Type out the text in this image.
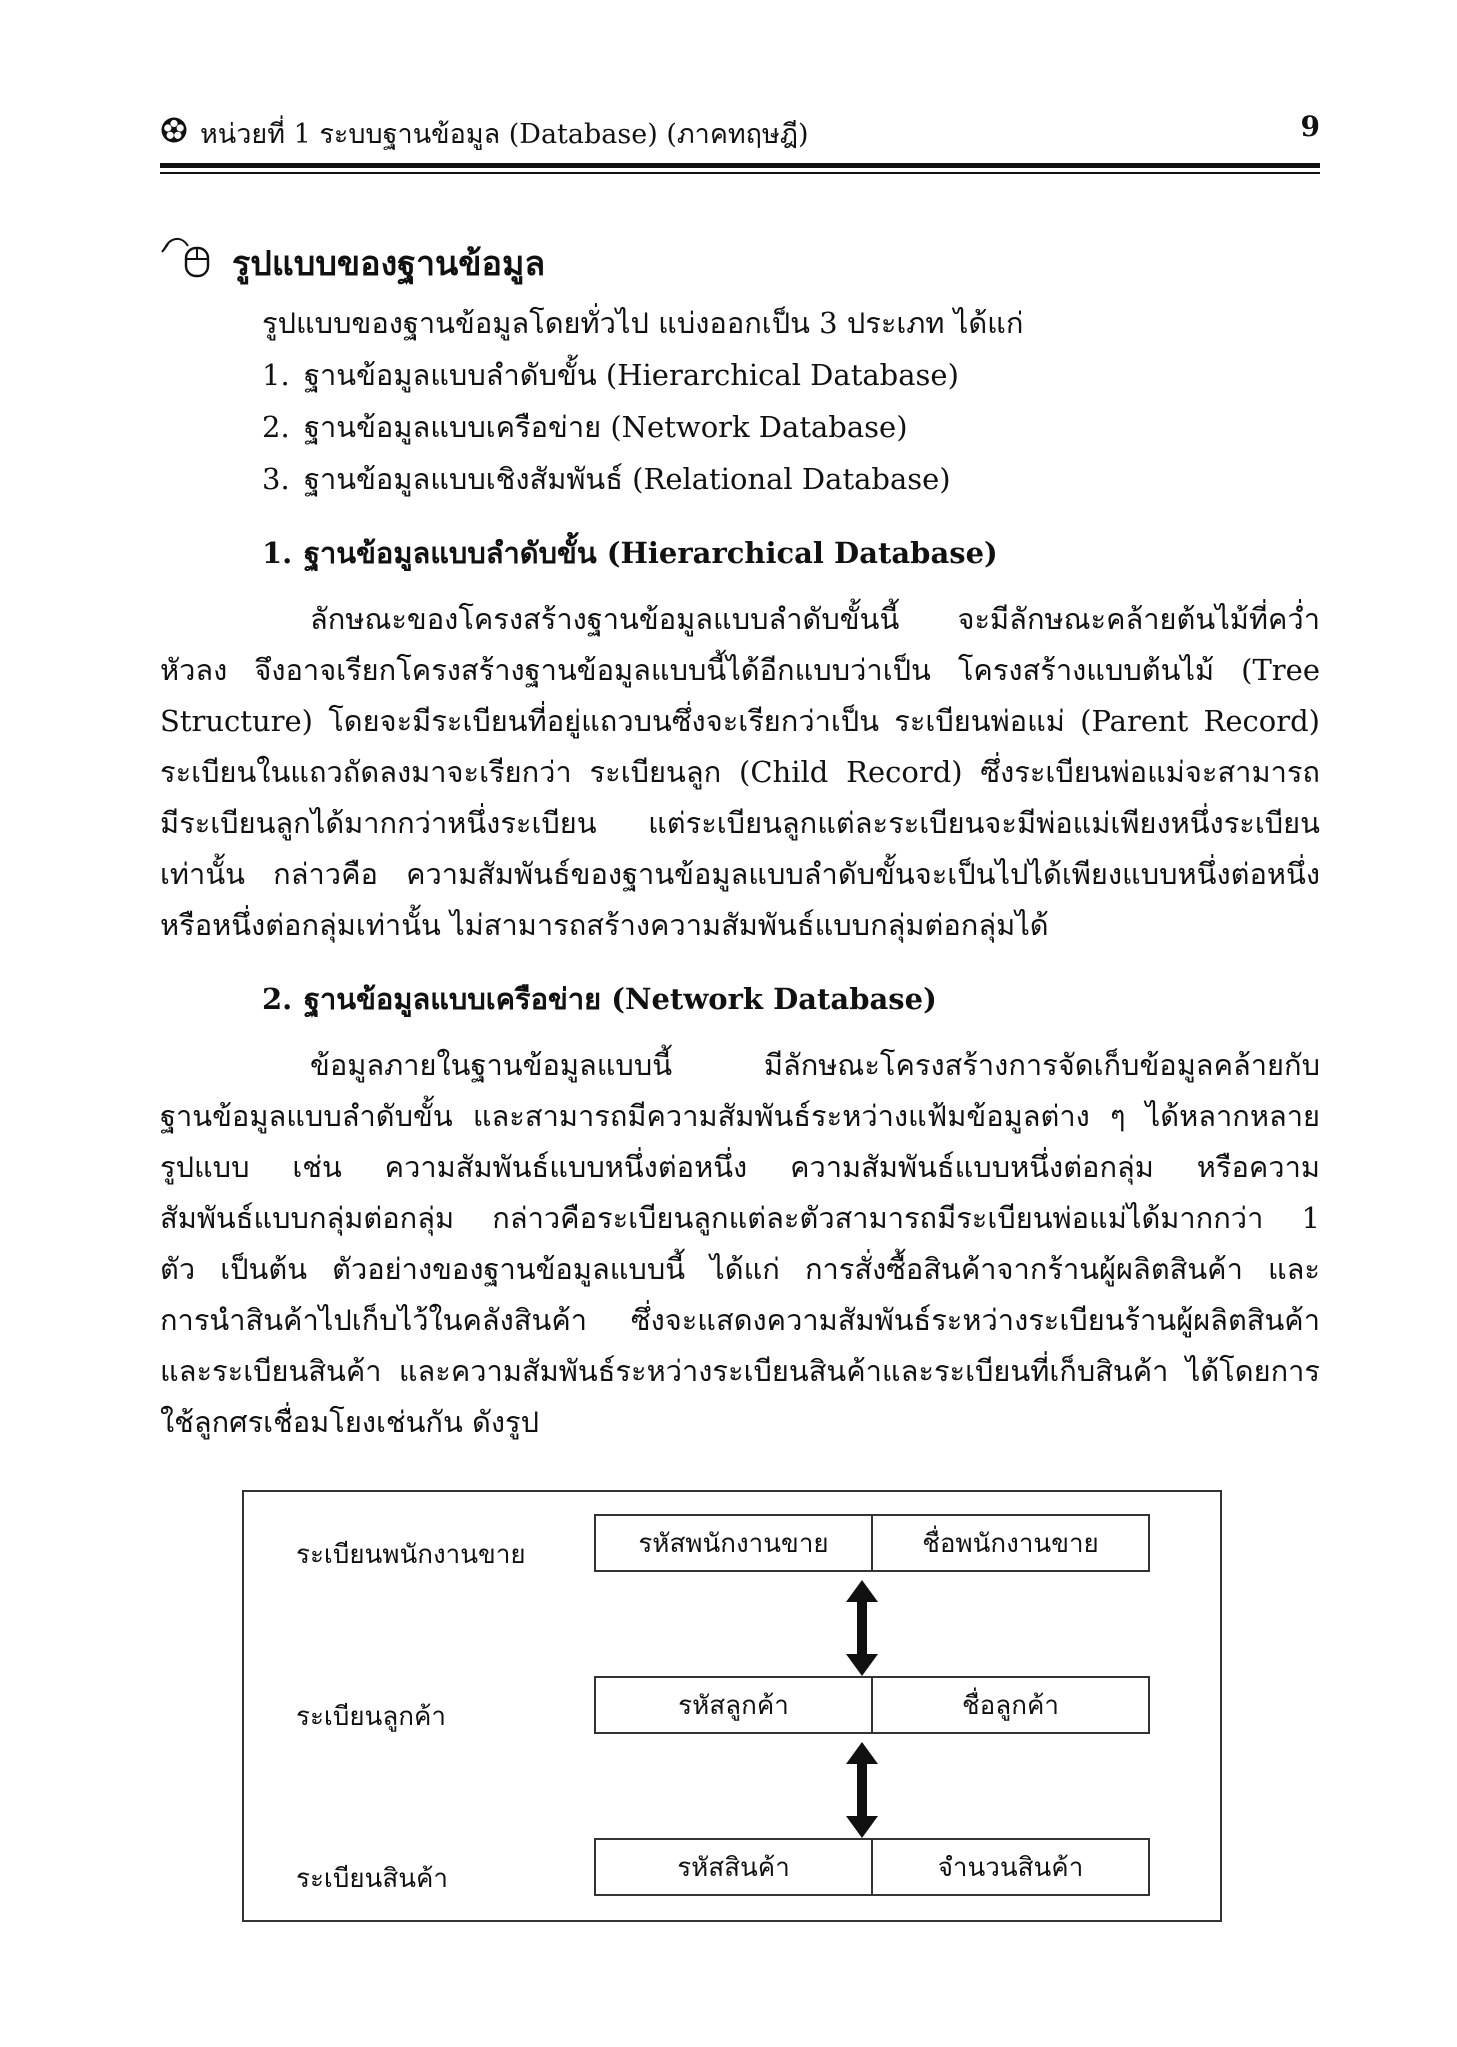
หน่วยที่ 1 ระบบฐานข้อมูล (Database) (ภาคทฤษฎี)	9
รูปแบบของฐานข้อมูล
รูปแบบของฐานข้อมูลโดยทั่วไป แบ่งออกเป็น 3 ประเภท ได้แก่
1. ฐานข้อมูลแบบลำดับขั้น (Hierarchical Database)
2. ฐานข้อมูลแบบเครือข่าย (Network Database)
3. ฐานข้อมูลแบบเชิงสัมพันธ์ (Relational Database)
1. ฐานข้อมูลแบบลำดับขั้น (Hierarchical Database)
ลักษณะของโครงสร้างฐานข้อมูลแบบลำดับขั้นนี้ จะมีลักษณะคล้ายต้นไม้ที่คว่ำ
หัวลง จึงอาจเรียกโครงสร้างฐานข้อมูลแบบนี้ได้อีกแบบว่าเป็น โครงสร้างแบบต้นไม้ (Tree
Structure) โดยจะมีระเบียนที่อยู่แถวบนซึ่งจะเรียกว่าเป็น ระเบียนพ่อแม่ (Parent Record)
ระเบียนในแถวถัดลงมาจะเรียกว่า ระเบียนลูก (Child Record) ซึ่งระเบียนพ่อแม่จะสามารถ
มีระเบียนลูกได้มากกว่าหนึ่งระเบียน แต่ระเบียนลูกแต่ละระเบียนจะมีพ่อแม่เพียงหนึ่งระเบียน
เท่านั้น กล่าวคือ ความสัมพันธ์ของฐานข้อมูลแบบลำดับขั้นจะเป็นไปได้เพียงแบบหนึ่งต่อหนึ่ง
หรือหนึ่งต่อกลุ่มเท่านั้น ไม่สามารถสร้างความสัมพันธ์แบบกลุ่มต่อกลุ่มได้
2. ฐานข้อมูลแบบเครือข่าย (Network Database)
ข้อมูลภายในฐานข้อมูลแบบนี้ มีลักษณะโครงสร้างการจัดเก็บข้อมูลคล้ายกับ
ฐานข้อมูลแบบลำดับขั้น และสามารถมีความสัมพันธ์ระหว่างแฟ้มข้อมูลต่าง ๆ ได้หลากหลาย
รูปแบบ เช่น ความสัมพันธ์แบบหนึ่งต่อหนึ่ง ความสัมพันธ์แบบหนึ่งต่อกลุ่ม หรือความ
สัมพันธ์แบบกลุ่มต่อกลุ่ม กล่าวคือระเบียนลูกแต่ละตัวสามารถมีระเบียนพ่อแม่ได้มากกว่า 1
ตัว เป็นต้น ตัวอย่างของฐานข้อมูลแบบนี้ ได้แก่ การสั่งซื้อสินค้าจากร้านผู้ผลิตสินค้า และ
การนำสินค้าไปเก็บไว้ในคลังสินค้า ซึ่งจะแสดงความสัมพันธ์ระหว่างระเบียนร้านผู้ผลิตสินค้า
และระเบียนสินค้า และความสัมพันธ์ระหว่างระเบียนสินค้าและระเบียนที่เก็บสินค้า ได้โดยการ
ใช้ลูกศรเชื่อมโยงเช่นกัน ดังรูป
ระเบียนพนักงานขาย	รหัสพนักงานขาย	ชื่อพนักงานขาย
ระเบียนลูกค้า	รหัสลูกค้า	ชื่อลูกค้า
ระเบียนสินค้า	รหัสสินค้า	จำนวนสินค้า
